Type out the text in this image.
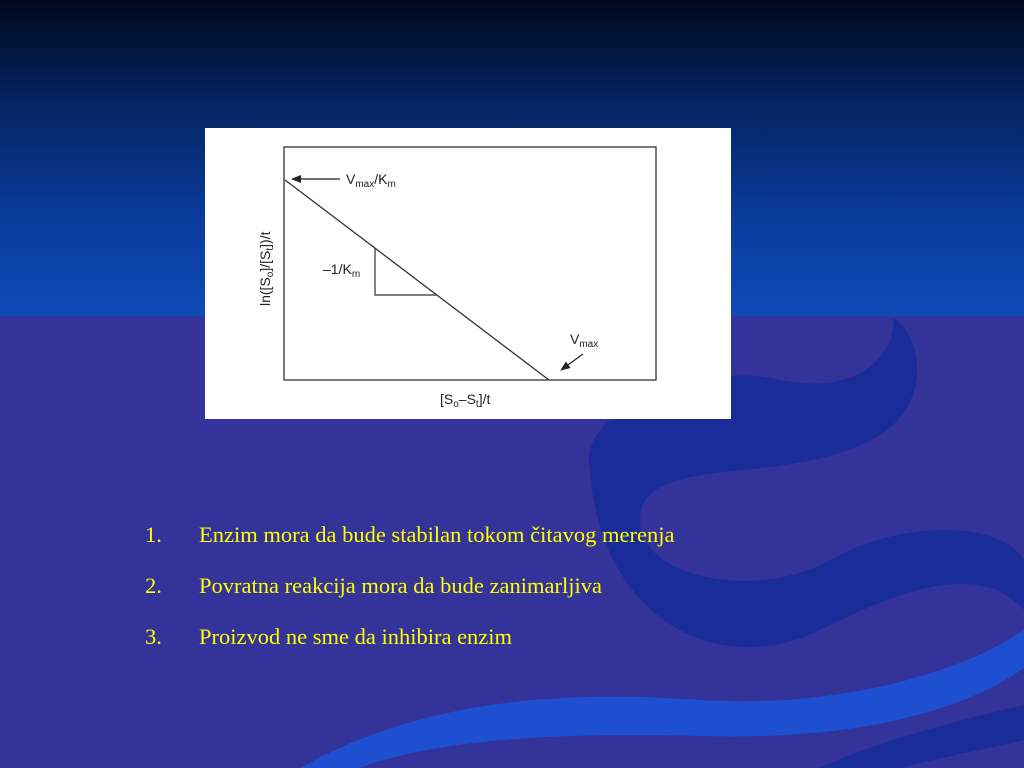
$V_{max}/K_m$
$-1/K_m$
$V_{max}$
$[S_o-S_t]/t$
$\ln([S_o]/[S_t])/t$
1. Enzim mora da bude stabilan tokom čitavog merenja
2. Povratna reakcija mora da bude zanimarljiva
3. Proizvod ne sme da inhibira enzim
